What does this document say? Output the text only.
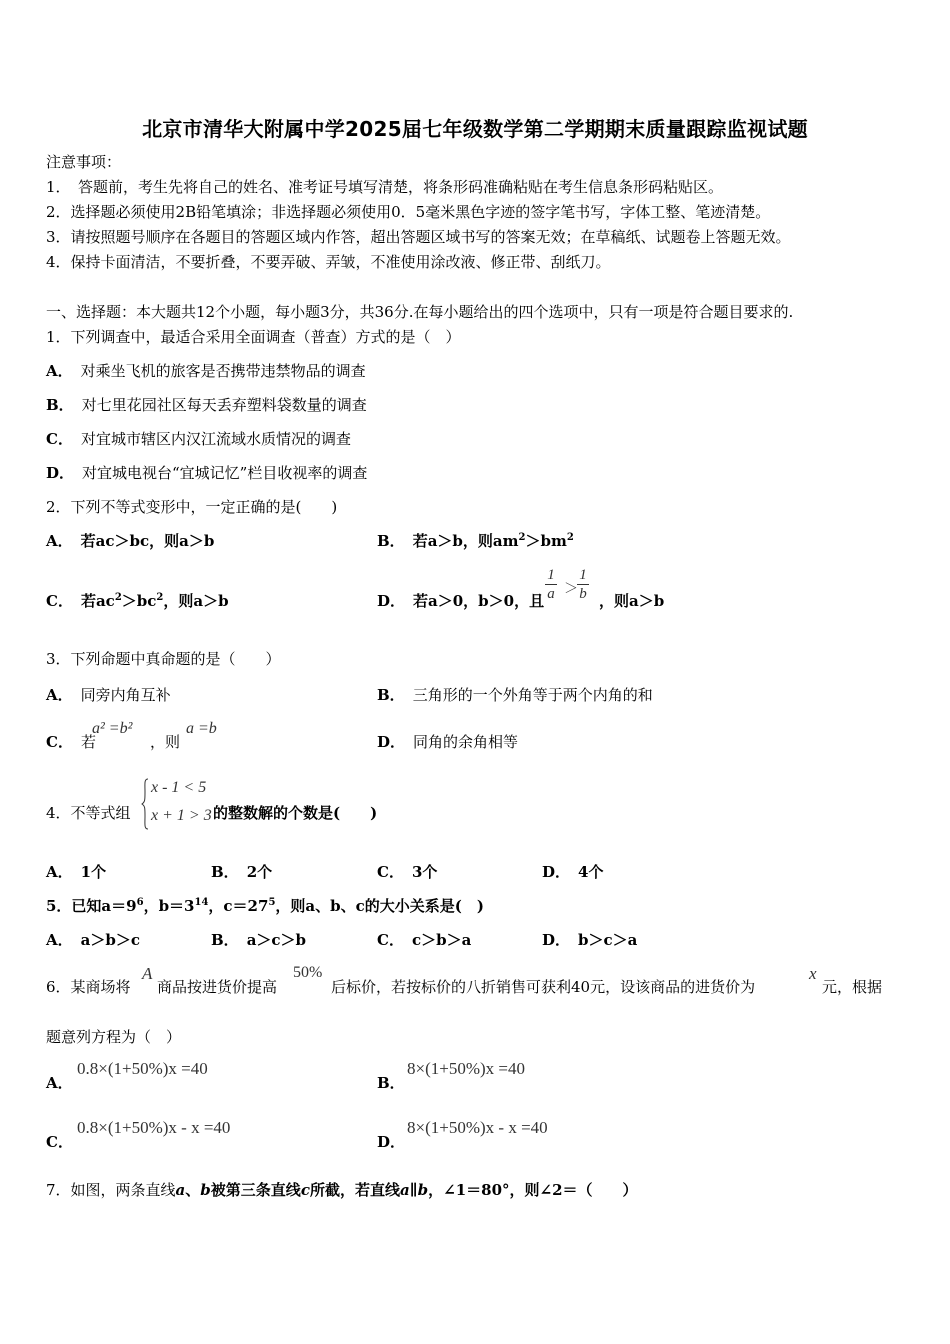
北京市清华大附属中学2025届七年级数学第二学期期末质量跟踪监视试题
注意事项：
1．　答题前，考生先将自己的姓名、准考证号填写清楚，将条形码准确粘贴在考生信息条形码粘贴区。
2．选择题必须使用2B铅笔填涂；非选择题必须使用0．5毫米黑色字迹的签字笔书写，字体工整、笔迹清楚。
3．请按照题号顺序在各题目的答题区域内作答，超出答题区域书写的答案无效；在草稿纸、试题卷上答题无效。
4．保持卡面清洁，不要折叠，不要弄破、弄皱，不准使用涂改液、修正带、刮纸刀。
一、选择题：本大题共12个小题，每小题3分，共36分.在每小题给出的四个选项中，只有一项是符合题目要求的.
1．下列调查中，最适合采用全面调查（普查）方式的是（　）
A． 对乘坐飞机的旅客是否携带违禁物品的调查
B． 对七里花园社区每天丢弃塑料袋数量的调查
C． 对宜城市辖区内汉江流域水质情况的调查
D． 对宜城电视台“宜城记忆”栏目收视率的调查
2．下列不等式变形中，一定正确的是(　　)
A． 若ac＞bc，则a＞b	B． 若a＞b，则$am^2>bm^2$
C． 若$ac^2>bc^2$，则a＞b	D． 若a＞0，b＞0，且
1
a ＞
1
b ，则a＞b
3．下列命题中真命题的是（　　）
A． 同旁内角互补	B． 三角形的一个外角等于两个内角的和
C． 若
a² =b²
，则
a =b
D． 同角的余角相等
4．不等式组
x - 1 < 5
x + 1 > 3 的整数解的个数是(　　)
A． 1个	B． 2个	C． 3个	D． 4个
5．已知$a=9^6$，$b=3^{14}$，$c=27^5$，则a、b、c的大小关系是(　)
A． a＞b＞c	B． a＞c＞b	C． c＞b＞a	D． b＞c＞a
6．某商场将
A
商品按进货价提高
50%
后标价，若按标价的八折销售可获利40元，设该商品的进货价为
x
元，根据
题意列方程为（　）
A．
0.8×(1+50%)x =40
B．
8×(1+50%)x =40
C．
0.8×(1+50%)x - x =40
D．
8×(1+50%)x - x =40
7．如图，两条直线a、b被第三条直线c所截，若直线a∥b，∠1＝80°，则∠2＝（　　）
